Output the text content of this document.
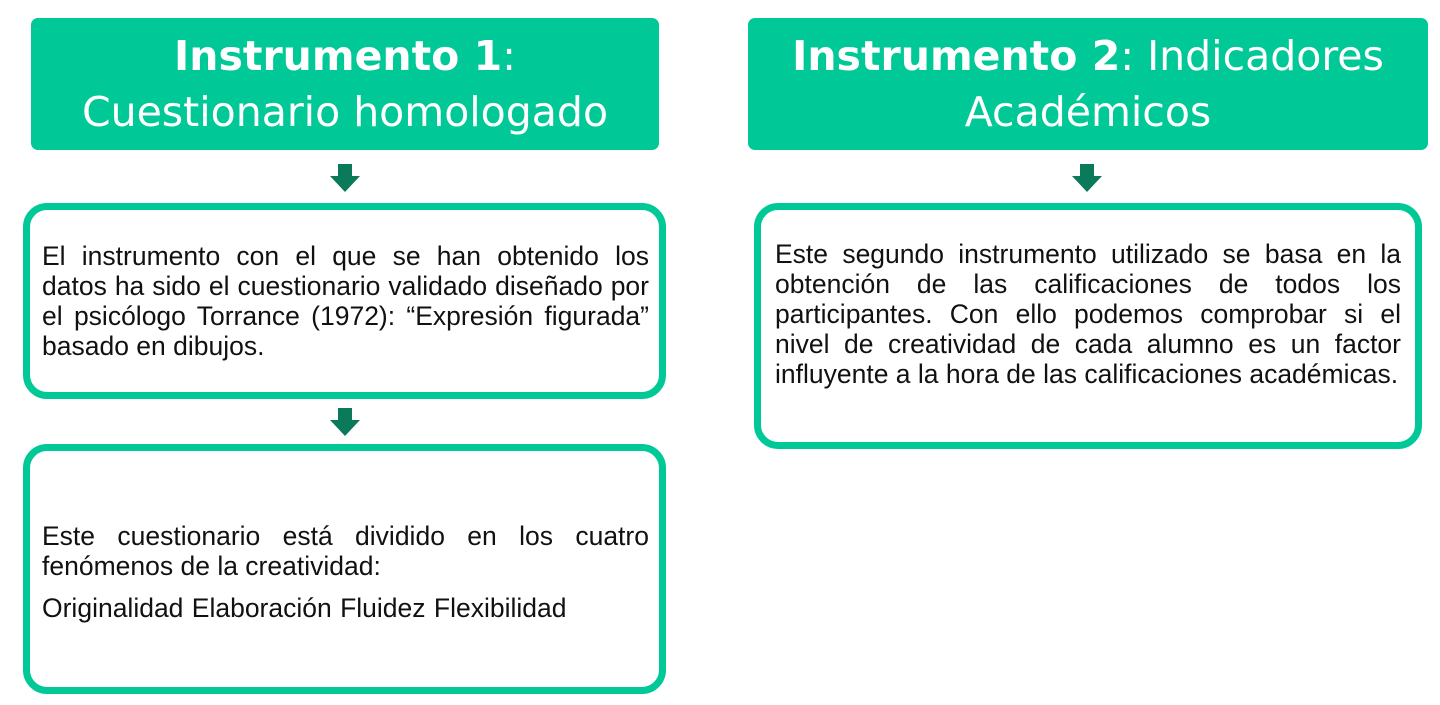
Instrumento 1:
Cuestionario homologado
Instrumento 2: Indicadores
Académicos

El instrumento con el que se han obtenido los datos ha sido el cuestionario validado diseñado por el psicólogo Torrance (1972): “Expresión figurada” basado en dibujos.

Este cuestionario está dividido en los cuatro fenómenos de la creatividad:

Originalidad Elaboración Fluidez Flexibilidad

Este segundo instrumento utilizado se basa en la obtención de las calificaciones de todos los participantes. Con ello podemos comprobar si el nivel de creatividad de cada alumno es un factor influyente a la hora de las calificaciones académicas.
